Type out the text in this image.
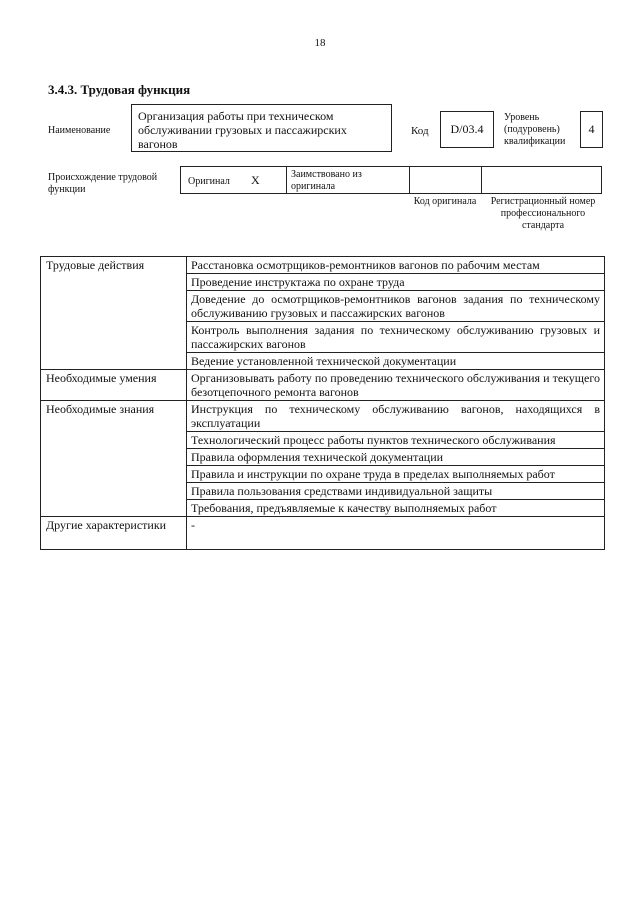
18
3.4.3. Трудовая функция
Наименование
Организация работы при техническом обслуживании грузовых и пассажирских вагонов
Код	D/03.4
Уровень (подуровень) квалификации
4
Происхождение трудовой функции
Оригинал X	Заимствовано из оригинала
Код оригинала	Регистрационный номер профессионального стандарта
Трудовые действия	Расстановка осмотрщиков-ремонтников вагонов по рабочим местам
	Проведение инструктажа по охране труда
	Доведение до осмотрщиков-ремонтников вагонов задания по техническому обслуживанию грузовых и пассажирских вагонов
	Контроль выполнения задания по техническому обслуживанию грузовых и пассажирских вагонов
	Ведение установленной технической документации
Необходимые умения	Организовывать работу по проведению технического обслуживания и текущего безотцепочного ремонта вагонов
Необходимые знания	Инструкция по техническому обслуживанию вагонов, находящихся в эксплуатации
	Технологический процесс работы пунктов технического обслуживания
	Правила оформления технической документации
	Правила и инструкции по охране труда в пределах выполняемых работ
	Правила пользования средствами индивидуальной защиты
	Требования, предъявляемые к качеству выполняемых работ
Другие характеристики	-
